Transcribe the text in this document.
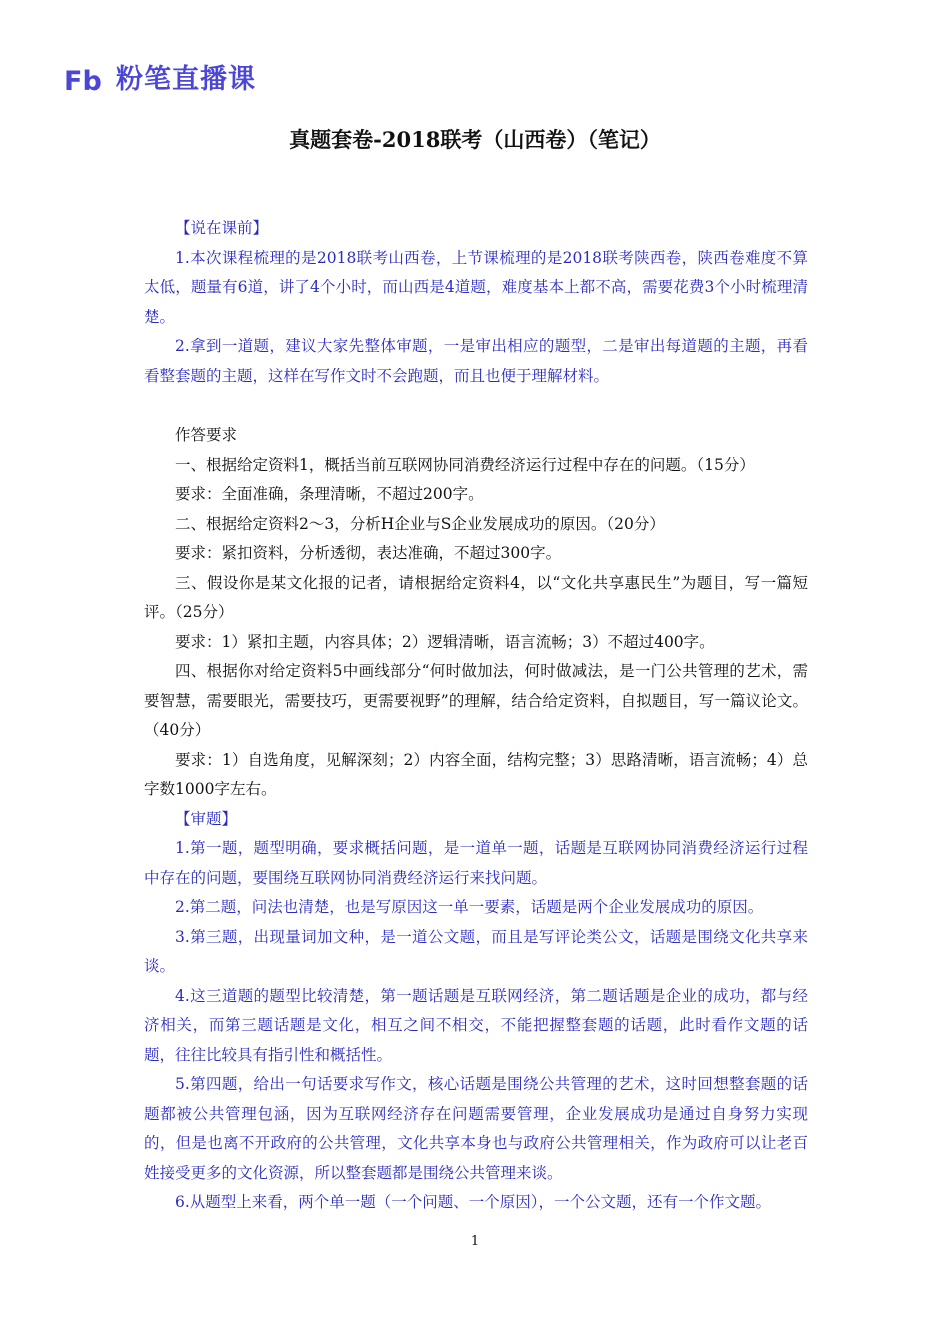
Fb 粉笔直播课
真题套卷-2018联考（山西卷）（笔记）

【说在课前】

1.本次课程梳理的是2018联考山西卷，上节课梳理的是2018联考陕西卷，陕西卷难度不算太低，题量有6道，讲了4个小时，而山西是4道题，难度基本上都不高，需要花费3个小时梳理清楚。

2.拿到一道题，建议大家先整体审题，一是审出相应的题型，二是审出每道题的主题，再看看整套题的主题，这样在写作文时不会跑题，而且也便于理解材料。

作答要求

一、根据给定资料1，概括当前互联网协同消费经济运行过程中存在的问题。（15分）

要求：全面准确，条理清晰，不超过200字。

二、根据给定资料2～3，分析H企业与S企业发展成功的原因。（20分）

要求：紧扣资料，分析透彻，表达准确，不超过300字。

三、假设你是某文化报的记者，请根据给定资料4，以“文化共享惠民生”为题目，写一篇短评。（25分）

要求：1）紧扣主题，内容具体；2）逻辑清晰，语言流畅；3）不超过400字。

四、根据你对给定资料5中画线部分“何时做加法，何时做减法，是一门公共管理的艺术，需要智慧，需要眼光，需要技巧，更需要视野”的理解，结合给定资料，自拟题目，写一篇议论文。（40分）

要求：1）自选角度，见解深刻；2）内容全面，结构完整；3）思路清晰，语言流畅；4）总字数1000字左右。

【审题】

1.第一题，题型明确，要求概括问题，是一道单一题，话题是互联网协同消费经济运行过程中存在的问题，要围绕互联网协同消费经济运行来找问题。

2.第二题，问法也清楚，也是写原因这一单一要素，话题是两个企业发展成功的原因。

3.第三题，出现量词加文种，是一道公文题，而且是写评论类公文，话题是围绕文化共享来谈。

4.这三道题的题型比较清楚，第一题话题是互联网经济，第二题话题是企业的成功，都与经济相关，而第三题话题是文化，相互之间不相交，不能把握整套题的话题，此时看作文题的话题，往往比较具有指引性和概括性。

5.第四题，给出一句话要求写作文，核心话题是围绕公共管理的艺术，这时回想整套题的话题都被公共管理包涵，因为互联网经济存在问题需要管理，企业发展成功是通过自身努力实现的，但是也离不开政府的公共管理，文化共享本身也与政府公共管理相关，作为政府可以让老百姓接受更多的文化资源，所以整套题都是围绕公共管理来谈。

6.从题型上来看，两个单一题（一个问题、一个原因），一个公文题，还有一个作文题。

1
